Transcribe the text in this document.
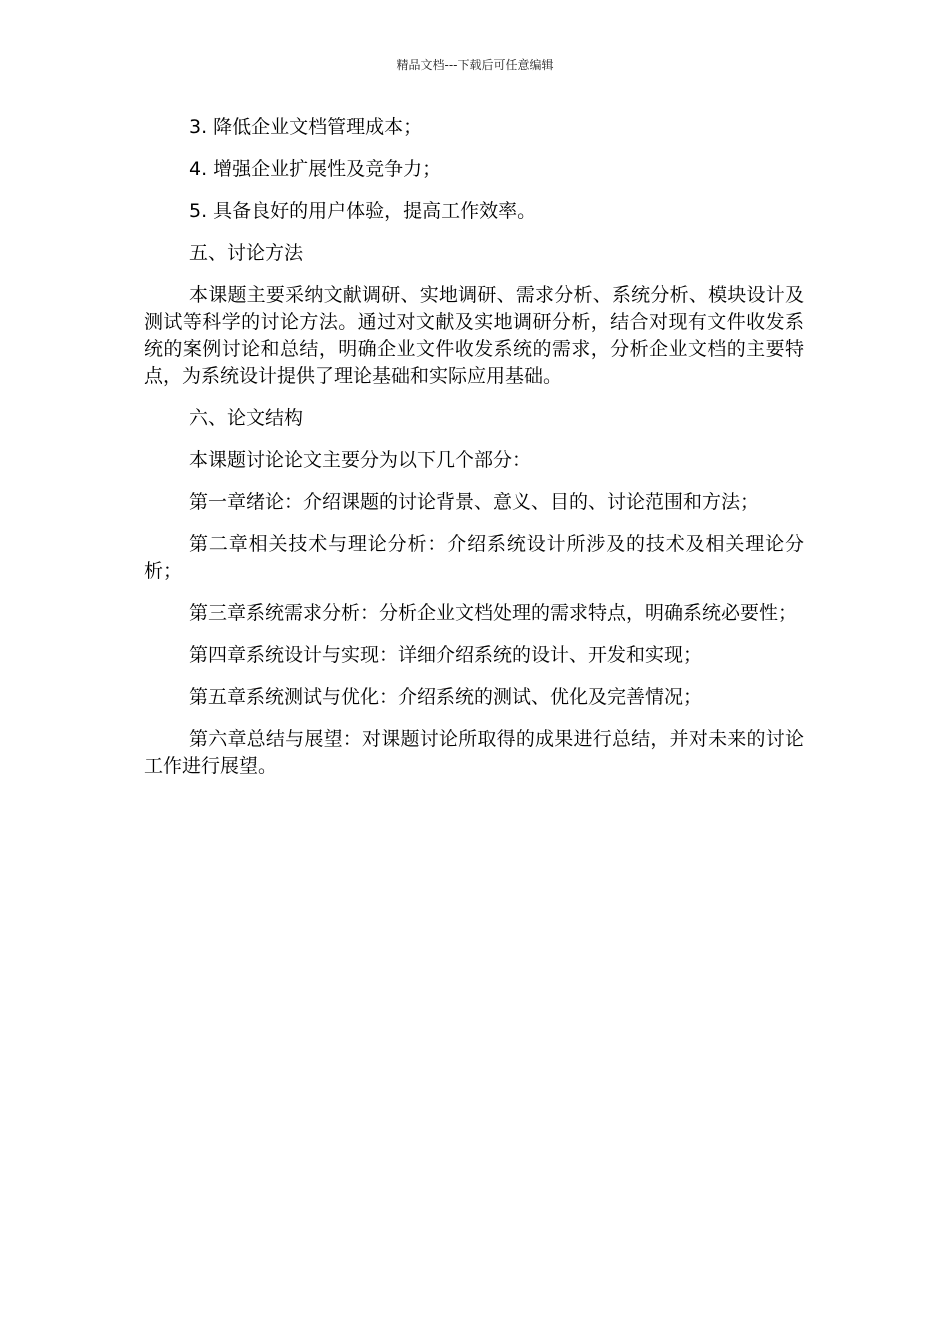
精品文档---下载后可任意编辑

3. 降低企业文档管理成本；

4. 增强企业扩展性及竞争力；

5. 具备良好的用户体验，提高工作效率。

五、讨论方法

本课题主要采纳文献调研、实地调研、需求分析、系统分析、模块设计及测试等科学的讨论方法。通过对文献及实地调研分析，结合对现有文件收发系统的案例讨论和总结，明确企业文件收发系统的需求，分析企业文档的主要特点，为系统设计提供了理论基础和实际应用基础。

六、论文结构

本课题讨论论文主要分为以下几个部分：

第一章绪论：介绍课题的讨论背景、意义、目的、讨论范围和方法；

第二章相关技术与理论分析：介绍系统设计所涉及的技术及相关理论分析；

第三章系统需求分析：分析企业文档处理的需求特点，明确系统必要性；

第四章系统设计与实现：详细介绍系统的设计、开发和实现；

第五章系统测试与优化：介绍系统的测试、优化及完善情况；

第六章总结与展望：对课题讨论所取得的成果进行总结，并对未来的讨论工作进行展望。
